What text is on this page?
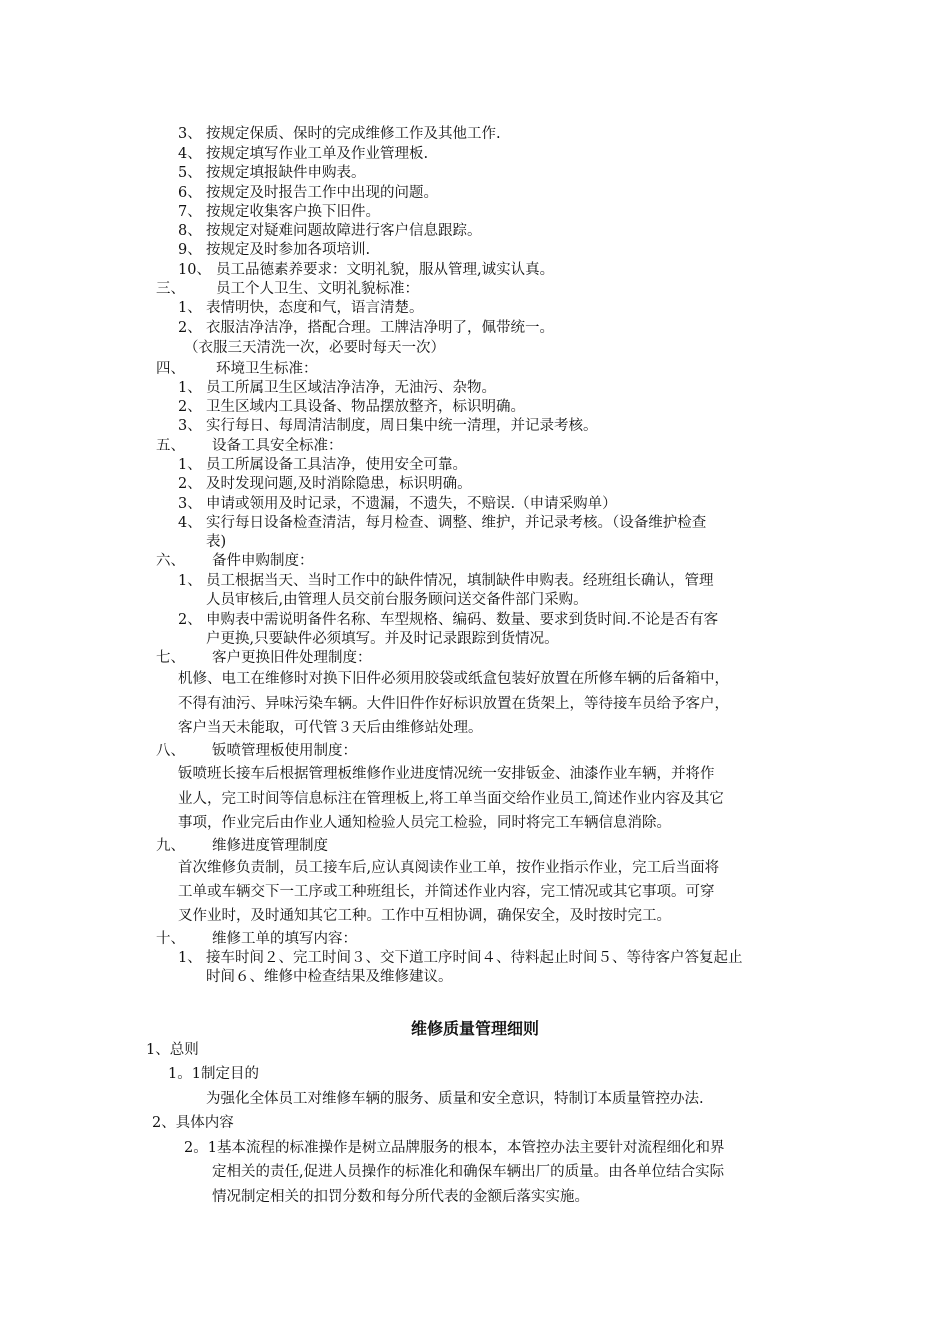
3、 按规定保质、保时的完成维修工作及其他工作.
4、 按规定填写作业工单及作业管理板.
5、 按规定填报缺件申购表。
6、 按规定及时报告工作中出现的问题。
7、 按规定收集客户换下旧件。
8、 按规定对疑难问题故障进行客户信息跟踪。
9、 按规定及时参加各项培训.
10、 员工品德素养要求：文明礼貌，服从管理,诚实认真。
三、 员工个人卫生、文明礼貌标准：
1、 表情明快，态度和气，语言清楚。
2、 衣服洁净洁净，搭配合理。工牌洁净明了，佩带统一。
（衣服三天清洗一次，必要时每天一次）
四、 环境卫生标准：
1、 员工所属卫生区域洁净洁净，无油污、杂物。
2、 卫生区域内工具设备、物品摆放整齐，标识明确。
3、 实行每日、每周清洁制度，周日集中统一清理，并记录考核。
五、 设备工具安全标准：
1、 员工所属设备工具洁净，使用安全可靠。
2、 及时发现问题,及时消除隐患，标识明确。
3、 申请或领用及时记录，不遗漏，不遗失，不赔误.（申请采购单）
4、 实行每日设备检查清洁，每月检查、调整、维护，并记录考核。（设备维护检查
表)
六、 备件申购制度：
1、 员工根据当天、当时工作中的缺件情况，填制缺件申购表。经班组长确认，管理
人员审核后,由管理人员交前台服务顾问送交备件部门采购。
2、 申购表中需说明备件名称、车型规格、编码、数量、要求到货时间.不论是否有客
户更换,只要缺件必须填写。并及时记录跟踪到货情况。
七、 客户更换旧件处理制度：
机修、电工在维修时对换下旧件必须用胶袋或纸盒包装好放置在所修车辆的后备箱中，
不得有油污、异味污染车辆。大件旧件作好标识放置在货架上，等待接车员给予客户，
客户当天未能取，可代管３天后由维修站处理。
八、 钣喷管理板使用制度：
钣喷班长接车后根据管理板维修作业进度情况统一安排钣金、油漆作业车辆，并将作
业人，完工时间等信息标注在管理板上,将工单当面交给作业员工,简述作业内容及其它
事项，作业完后由作业人通知检验人员完工检验，同时将完工车辆信息消除。
九、 维修进度管理制度
首次维修负责制，员工接车后,应认真阅读作业工单，按作业指示作业，完工后当面将
工单或车辆交下一工序或工种班组长，并简述作业内容，完工情况或其它事项。可穿
叉作业时，及时通知其它工种。工作中互相协调，确保安全，及时按时完工。
十、 维修工单的填写内容：
1、 接车时间２、完工时间３、交下道工序时间４、待料起止时间５、等待客户答复起止
时间６、维修中检查结果及维修建议。
维修质量管理细则
1、总则
1。1制定目的
为强化全体员工对维修车辆的服务、质量和安全意识，特制订本质量管控办法.
2、具体内容
2。1基本流程的标准操作是树立品牌服务的根本，本管控办法主要针对流程细化和界
定相关的责任,促进人员操作的标准化和确保车辆出厂的质量。由各单位结合实际
情况制定相关的扣罚分数和每分所代表的金额后落实实施。
